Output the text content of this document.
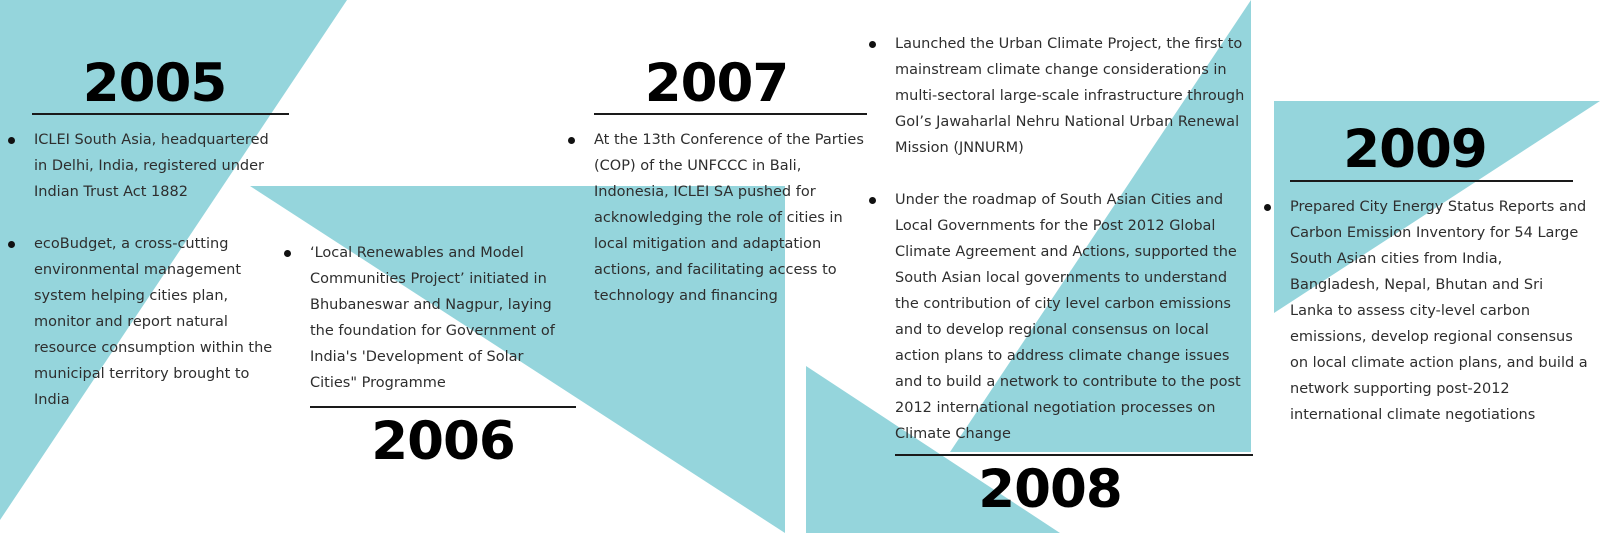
2005
ICLEI South Asia, headquartered in Delhi, India, registered under Indian Trust Act 1882
ecoBudget, a cross-cutting environmental management system helping cities plan, monitor and report natural resource consumption within the municipal territory brought to India
‘Local Renewables and Model Communities Project’ initiated in Bhubaneswar and Nagpur, laying the foundation for Government of India's 'Development of Solar Cities" Programme
2006
2007
At the 13th Conference of the Parties (COP) of the UNFCCC in Bali, Indonesia, ICLEI SA pushed for acknowledging the role of cities in local mitigation and adaptation actions, and facilitating access to technology and financing
Launched the Urban Climate Project, the first to mainstream climate change considerations in multi-sectoral large-scale infrastructure through GoI’s Jawaharlal Nehru National Urban Renewal Mission (JNNURM)
Under the roadmap of South Asian Cities and Local Governments for the Post 2012 Global Climate Agreement and Actions, supported the South Asian local governments to understand the contribution of city level carbon emissions and to develop regional consensus on local action plans to address climate change issues and to build a network to contribute to the post 2012 international negotiation processes on Climate Change
2008
2009
Prepared City Energy Status Reports and Carbon Emission Inventory for 54 Large South Asian cities from India, Bangladesh, Nepal, Bhutan and Sri Lanka to assess city-level carbon emissions, develop regional consensus on local climate action plans, and build a network supporting post-2012 international climate negotiations
